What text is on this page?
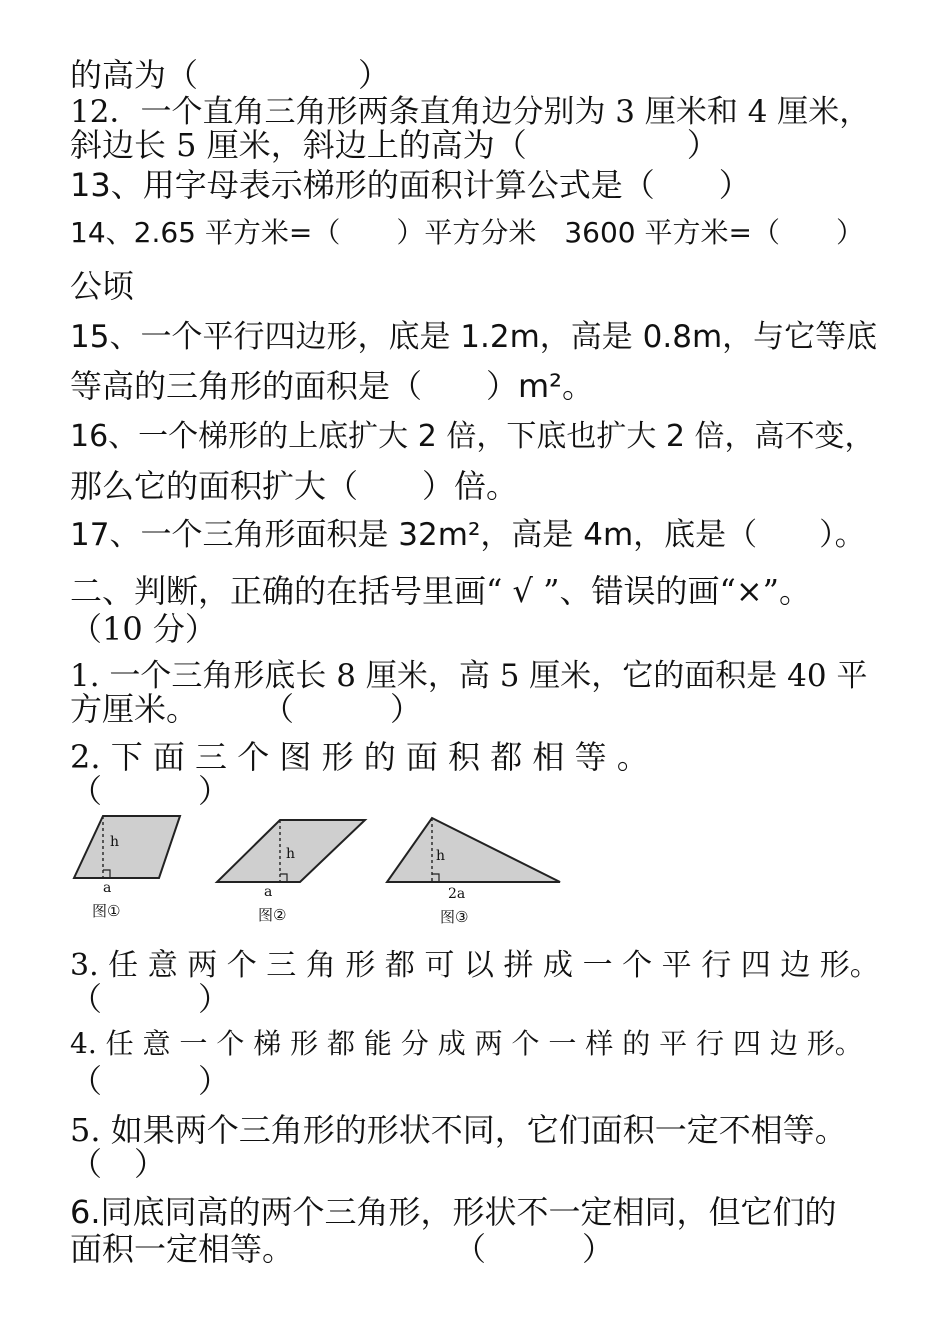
的高为（　　　　　）
12．一个直角三角形两条直角边分别为 3 厘米和 4 厘米，
斜边长 5 厘米，斜边上的高为（　　　　　）
13、用字母表示梯形的面积计算公式是（　　）
14、2.65 平方米=（　　）平方分米　3600 平方米=（　　）
公顷
15、一个平行四边形，底是 1.2m，高是 0.8m，与它等底
等高的三角形的面积是（　　）m²。
16、一个梯形的上底扩大 2 倍，下底也扩大 2 倍，高不变，
那么它的面积扩大（　　）倍。
17、一个三角形面积是 32m²，高是 4m，底是（　　）。
二、判断，正确的在括号里画“ √ ”、错误的画“×”。
（10 分）
1. 一个三角形底长 8 厘米，高 5 厘米，它的面积是 40 平
方厘米。　　　（　　　）
2. 下 面 三 个 图 形 的 面 积 都 相 等 。
（　　　）
h
a
图①
h
a
图②
h
2a
图③
3. 任 意 两 个 三 角 形 都 可 以 拼 成 一 个 平 行 四 边 形。
（　　　）
4. 任 意 一 个 梯 形 都 能 分 成 两 个 一 样 的 平 行 四 边 形。
（　　　）
5. 如果两个三角形的形状不同，它们面积一定不相等。
（　）
6.同底同高的两个三角形，形状不一定相同，但它们的
面积一定相等。　　　　　　（　　　）
